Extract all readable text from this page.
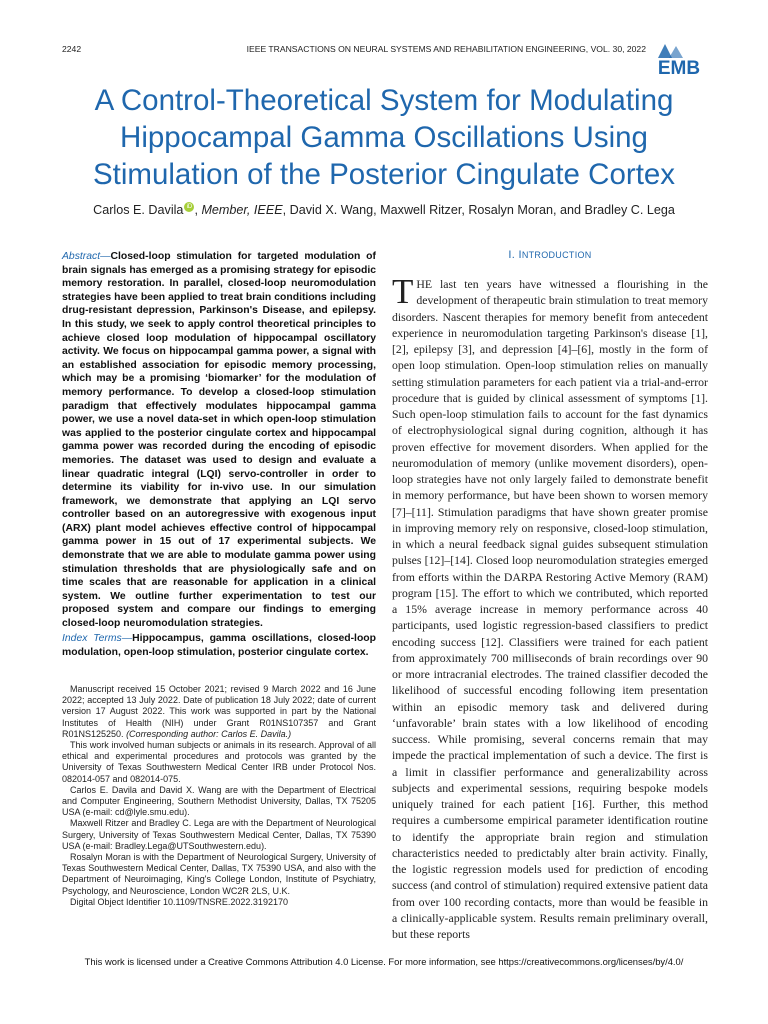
2242	IEEE TRANSACTIONS ON NEURAL SYSTEMS AND REHABILITATION ENGINEERING, VOL. 30, 2022
EMB
A Control-Theoretical System for Modulating
Hippocampal Gamma Oscillations Using
Stimulation of the Posterior Cingulate Cortex
Carlos E. Davila iD , Member, IEEE, David X. Wang, Maxwell Ritzer, Rosalyn Moran, and Bradley C. Lega
Abstract—Closed-loop stimulation for targeted modulation of brain signals has emerged as a promising strategy for episodic memory restoration. In parallel, closed-loop neuromodulation strategies have been applied to treat brain conditions including drug-resistant depression, Parkinson's Disease, and epilepsy. In this study, we seek to apply control theoretical principles to achieve closed loop modulation of hippocampal oscillatory activity. We focus on hippocampal gamma power, a signal with an established association for episodic memory processing, which may be a promising ‘biomarker’ for the modulation of memory performance. To develop a closed-loop stimulation paradigm that effectively modulates hippocampal gamma power, we use a novel data-set in which open-loop stimulation was applied to the posterior cingulate cortex and hippocampal gamma power was recorded during the encoding of episodic memories. The dataset was used to design and evaluate a linear quadratic integral (LQI) servo-controller in order to determine its viability for in-vivo use. In our simulation framework, we demonstrate that applying an LQI servo controller based on an autoregressive with exogenous input (ARX) plant model achieves effective control of hippocampal gamma power in 15 out of 17 experimental subjects. We demonstrate that we are able to modulate gamma power using stimulation thresholds that are physiologically safe and on time scales that are reasonable for application in a clinical system. We outline further experimentation to test our proposed system and compare our findings to emerging closed-loop neuromodulation strategies.
Index Terms—Hippocampus, gamma oscillations, closed-loop modulation, open-loop stimulation, posterior cingulate cortex.

Manuscript received 15 October 2021; revised 9 March 2022 and 16 June 2022; accepted 13 July 2022. Date of publication 18 July 2022; date of current version 17 August 2022. This work was supported in part by the National Institutes of Health (NIH) under Grant R01NS107357 and Grant R01NS125250. (Corresponding author: Carlos E. Davila.)

This work involved human subjects or animals in its research. Approval of all ethical and experimental procedures and protocols was granted by the University of Texas Southwestern Medical Center IRB under Protocol Nos. 082014-057 and 082014-075.

Carlos E. Davila and David X. Wang are with the Department of Electrical and Computer Engineering, Southern Methodist University, Dallas, TX 75205 USA (e-mail: cd@lyle.smu.edu).

Maxwell Ritzer and Bradley C. Lega are with the Department of Neurological Surgery, University of Texas Southwestern Medical Center, Dallas, TX 75390 USA (e-mail: Bradley.Lega@UTSouthwestern.edu).

Rosalyn Moran is with the Department of Neurological Surgery, University of Texas Southwestern Medical Center, Dallas, TX 75390 USA, and also with the Department of Neuroimaging, King's College London, Institute of Psychiatry, Psychology, and Neuroscience, London WC2R 2LS, U.K.

Digital Object Identifier 10.1109/TNSRE.2022.3192170

I. INTRODUCTION
THE last ten years have witnessed a flourishing in the development of therapeutic brain stimulation to treat memory disorders. Nascent therapies for memory benefit from antecedent experience in neuromodulation targeting Parkinson's disease [1], [2], epilepsy [3], and depression [4]–[6], mostly in the form of open loop stimulation. Open-loop stimulation relies on manually setting stimulation parameters for each patient via a trial-and-error procedure that is guided by clinical assessment of symptoms [1]. Such open-loop stimulation fails to account for the fast dynamics of electrophysiological signal during cognition, although it has proven effective for movement disorders. When applied for the neuromodulation of memory (unlike movement disorders), open-loop strategies have not only largely failed to demonstrate benefit in memory performance, but have been shown to worsen memory [7]–[11]. Stimulation paradigms that have shown greater promise in improving memory rely on responsive, closed-loop stimulation, in which a neural feedback signal guides subsequent stimulation pulses [12]–[14]. Closed loop neuromodulation strategies emerged from efforts within the DARPA Restoring Active Memory (RAM) program [15]. The effort to which we contributed, which reported a 15% average increase in memory performance across 40 participants, used logistic regression-based classifiers to predict encoding success [12]. Classifiers were trained for each patient from approximately 700 milliseconds of brain recordings over 90 or more intracranial electrodes. The trained classifier decoded the likelihood of successful encoding following item presentation within an episodic memory task and delivered during ‘unfavorable’ brain states with a low likelihood of encoding success. While promising, several concerns remain that may impede the practical implementation of such a device. The first is a limit in classifier performance and generalizability across subjects and experimental sessions, requiring bespoke models uniquely trained for each patient [16]. Further, this method requires a cumbersome empirical parameter identification routine to identify the appropriate brain region and stimulation characteristics needed to predictably alter brain activity. Finally, the logistic regression models used for prediction of encoding success (and control of stimulation) required extensive patient data from over 100 recording contacts, more than would be feasible in a clinically-applicable system. Results remain preliminary overall, but these reports
This work is licensed under a Creative Commons Attribution 4.0 License. For more information, see https://creativecommons.org/licenses/by/4.0/
